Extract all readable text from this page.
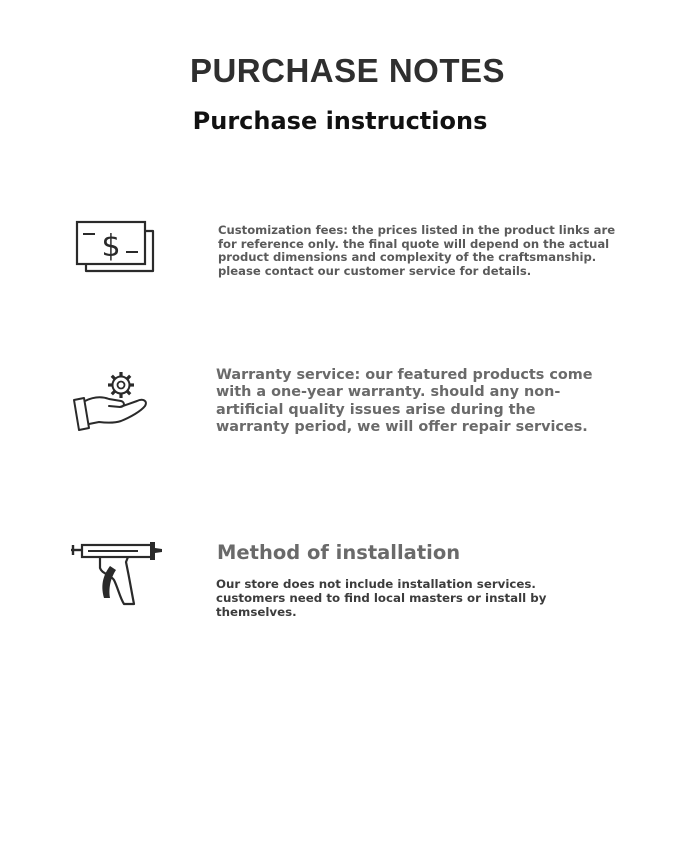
PURCHASE NOTES
Purchase instructions
$	Customization fees: the prices listed in the product links are for reference only. the final quote will depend on the actual product dimensions and complexity of the craftsmanship. please contact our customer service for details.

Warranty service: our featured products come with a one-year warranty. should any non-artificial quality issues arise during the warranty period, we will offer repair services.

Method of installation

Our store does not include installation services. customers need to find local masters or install by themselves.
